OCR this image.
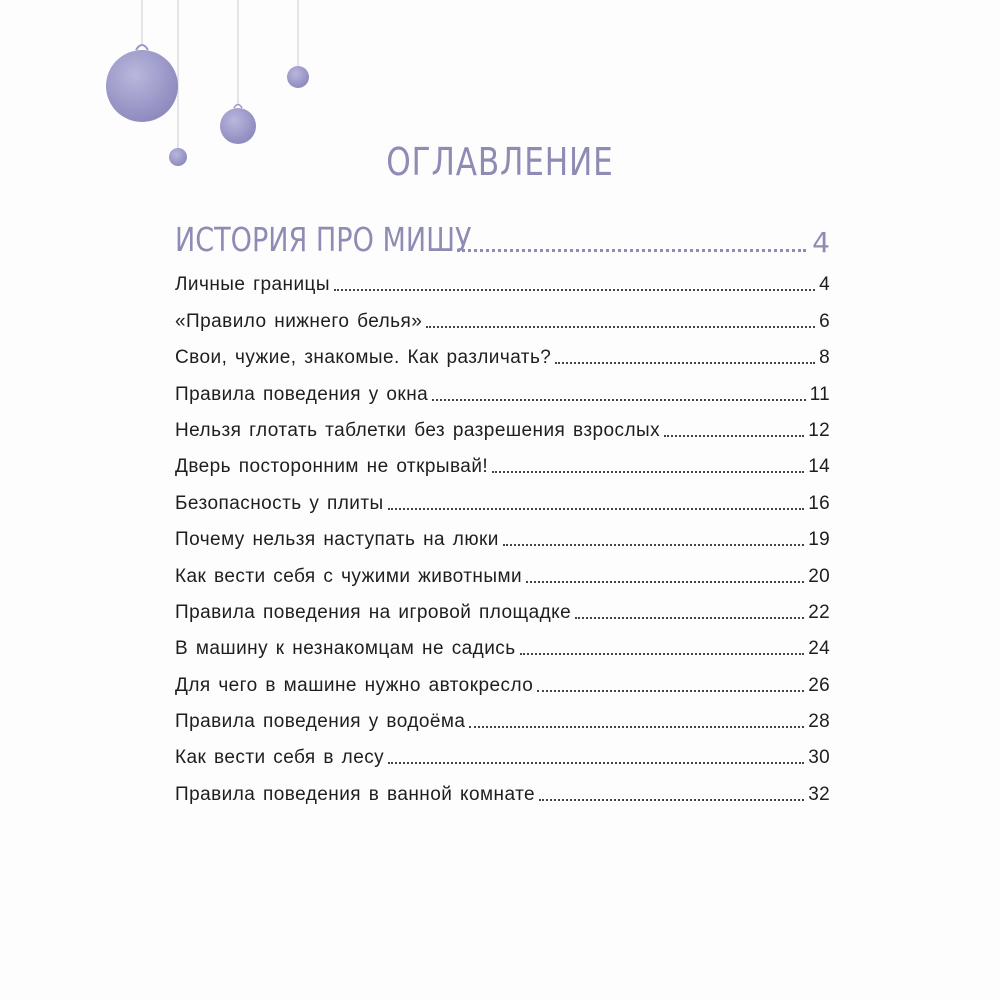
ОГЛАВЛЕНИЕ
ИСТОРИЯ ПРО МИШУ	4
Личные границы	4
«Правило нижнего белья»	6
Свои, чужие, знакомые. Как различать?	8
Правила поведения у окна	11
Нельзя глотать таблетки без разрешения взрослых	12
Дверь посторонним не открывай!	14
Безопасность у плиты	16
Почему нельзя наступать на люки	19
Как вести себя с чужими животными	20
Правила поведения на игровой площадке	22
В машину к незнакомцам не садись	24
Для чего в машине нужно автокресло	26
Правила поведения у водоёма	28
Как вести себя в лесу	30
Правила поведения в ванной комнате	32
